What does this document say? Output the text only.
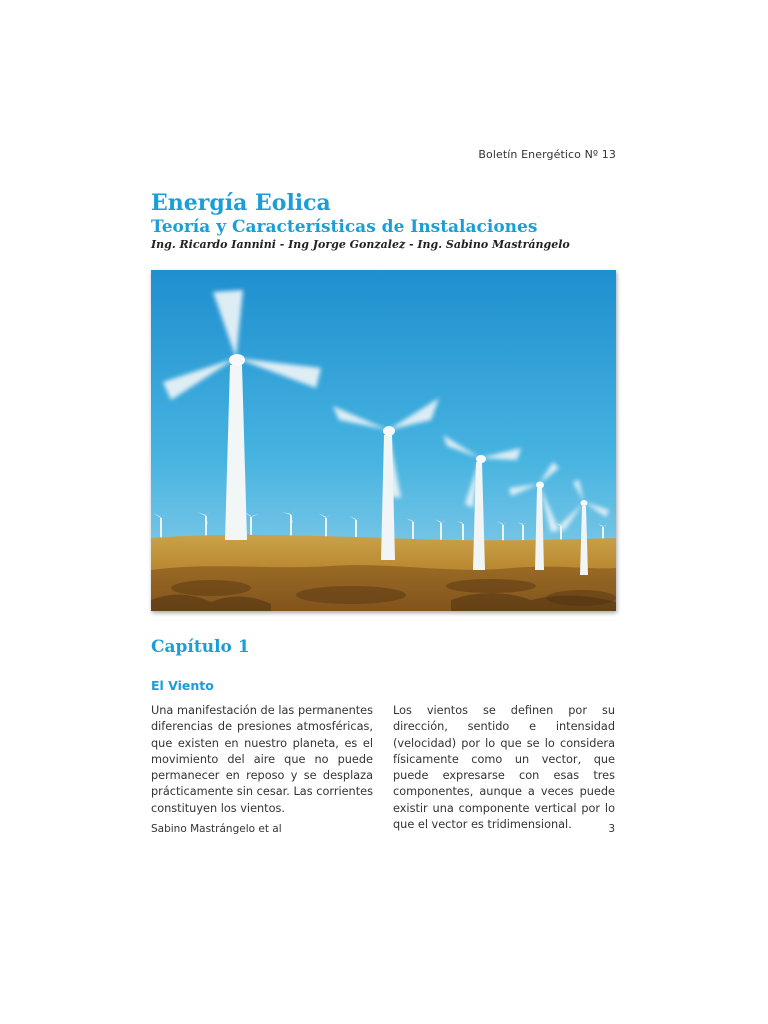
Boletín Energético Nº 13
Energía Eolica
Teoría y Características de Instalaciones

Ing. Ricardo Iannini - Ing Jorge Gonzalez - Ing. Sabino Mastrángelo

Capítulo 1
El Viento

Una manifestación de las permanentes diferencias de presiones atmosféricas, que existen en nuestro planeta, es el movimiento del aire que no puede permanecer en reposo y se desplaza prácticamente sin cesar. Las corrientes constituyen los vientos.

Los vientos se definen por su dirección, sentido e intensidad (velocidad) por lo que se lo considera físicamente como un vector, que puede expresarse con esas tres componentes, aunque a veces puede existir una componente vertical por lo que el vector es tridimensional.

Sabino Mastrángelo et al	3
